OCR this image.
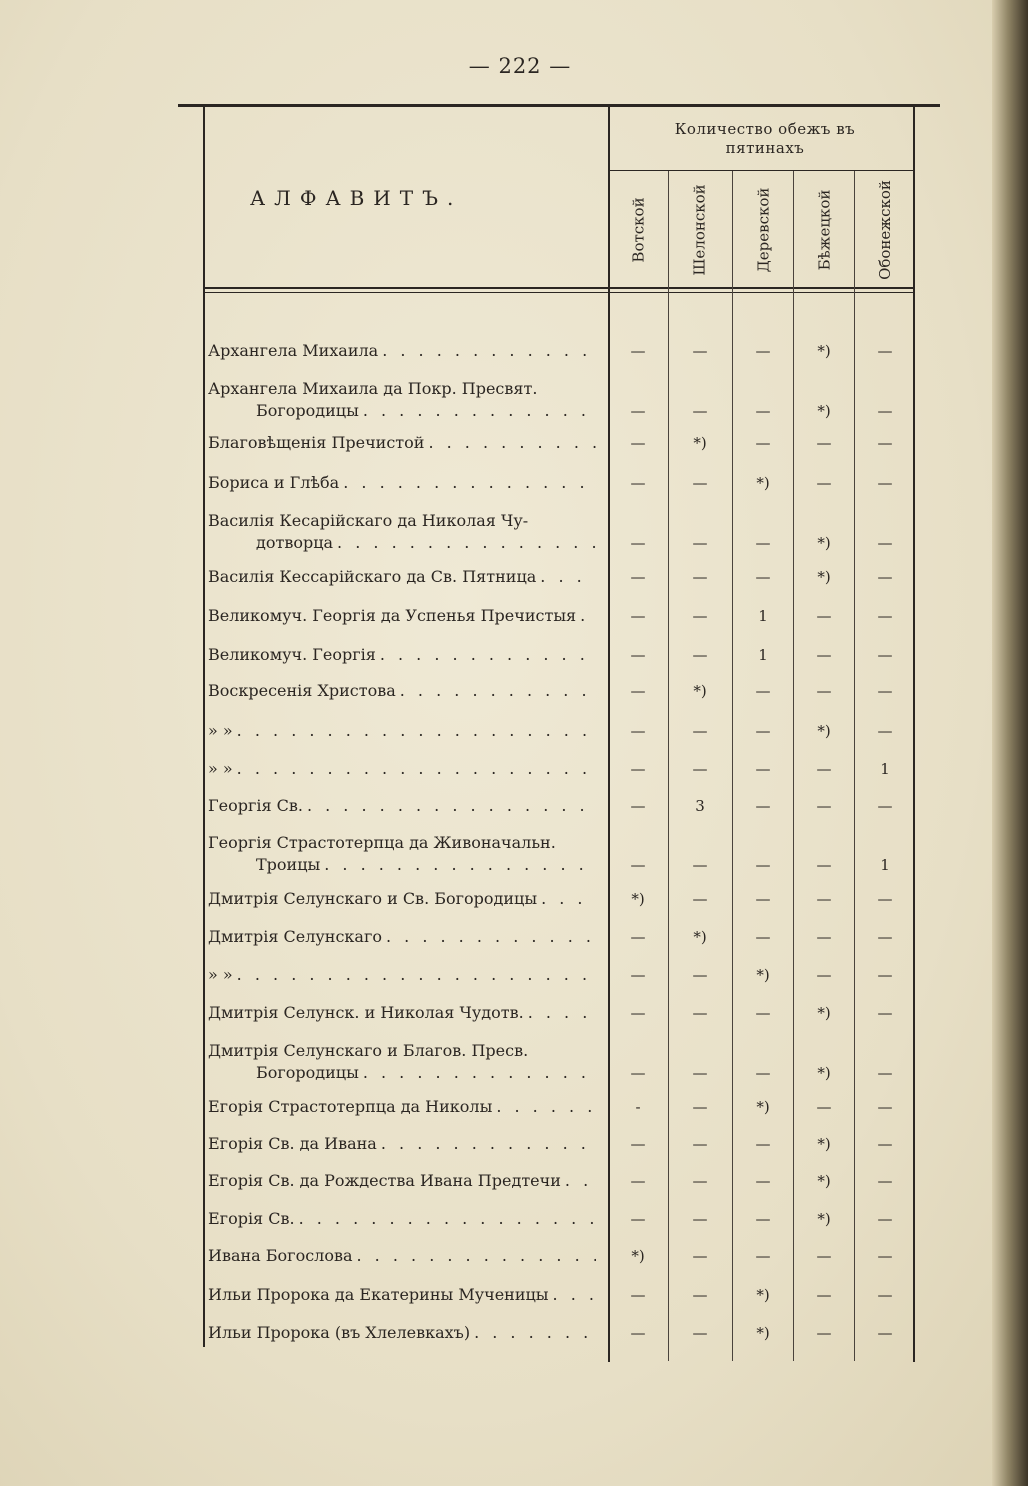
— 222 —
АЛФАВИТЪ.
Количество обежъ въ пятинахъ
Вотской	Шелонской	Деревской	Бѣжецкой	Обонежской
Архангела Михаила . . .	—	—	—	*)	—
Архангела Михаила да Покр. Пресвят.
Богородицы . . .	—	—	—	*)	—
Благовѣщенія Пречистой . . .	—	*)	—	—	—
Бориса и Глѣба . . .	—	—	*)	—	—
Василія Кесарійскаго да Николая Чу-
дотворца . . .	—	—	—	*)	—
Василія Кессарійскаго да Св. Пятница . . .	—	—	—	*)	—
Великомуч. Георгія да Успенья Пречистыя . . .	—	—	1	—	—
Великомуч. Георгія . . .	—	—	1	—	—
Воскресенія Христова . . .	—	*)	—	—	—
» » . . .	—	—	—	*)	—
» » . . .	—	—	—	—	1
Георгія Св. . . .	—	3	—	—	—
Георгія Страстотерпца да Живоначальн.
Троицы . . .	—	—	—	—	1
Дмитрія Селунскаго и Св. Богородицы . . .	*)	—	—	—	—
Дмитрія Селунскаго . . .	—	*)	—	—	—
» » . . .	—	—	*)	—	—
Дмитрія Селунск. и Николая Чудотв. . . .	—	—	—	*)	—
Дмитрія Селунскаго и Благов. Пресв.
Богородицы . . .	—	—	—	*)	—
Егорія Страстотерпца да Николы . . .	-	—	*)	—	—
Егорія Св. да Ивана . . .	—	—	—	*)	—
Егорія Св. да Рождества Ивана Предтечи . . .	—	—	—	*)	—
Егорія Св. . . .	—	—	—	*)	—
Ивана Богослова . . .	*)	—	—	—	—
Ильи Пророка да Екатерины Мученицы . . .	—	—	*)	—	—
Ильи Пророка (въ Хлелевкахъ) . . .	—	—	*)	—	—
